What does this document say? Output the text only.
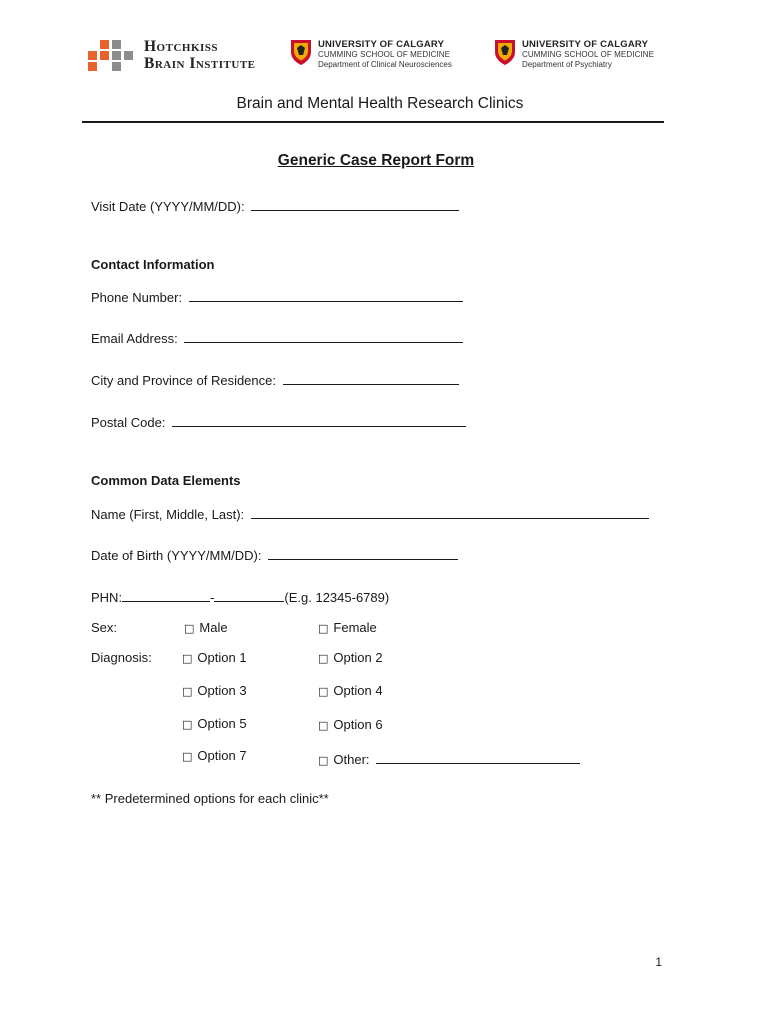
Hotchkiss
Brain Institute
UNIVERSITY OF CALGARY
CUMMING SCHOOL OF MEDICINE
Department of Clinical Neurosciences
UNIVERSITY OF CALGARY
CUMMING SCHOOL OF MEDICINE
Department of Psychiatry
Brain and Mental Health Research Clinics
Generic Case Report Form
Visit Date (YYYY/MM/DD):
Contact Information
Phone Number:
Email Address:
City and Province of Residence:
Postal Code:
Common Data Elements
Name (First, Middle, Last):
Date of Birth (YYYY/MM/DD):
PHN:	-	(E.g. 12345-6789)
Sex:	□ Male	□ Female
Diagnosis:	□ Option 1	□ Option 2
□ Option 3	□ Option 4
□ Option 5	□ Option 6
□ Option 7	□ Other:
** Predetermined options for each clinic**
1
